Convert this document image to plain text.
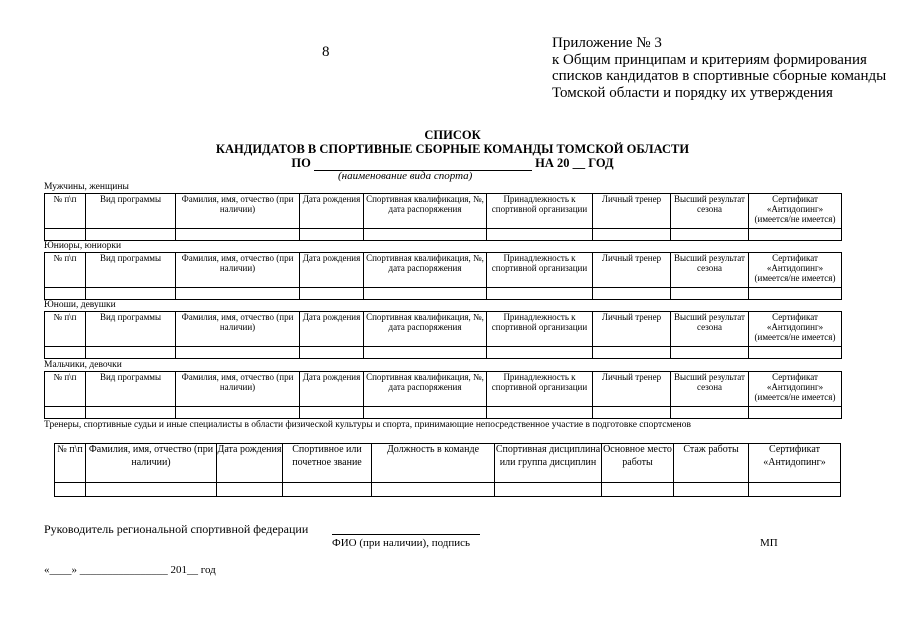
8
Приложение № 3
к Общим принципам и критериям формирования списков кандидатов в спортивные сборные команды Томской области и порядку их утверждения
СПИСОК
КАНДИДАТОВ В СПОРТИВНЫЕ СБОРНЫЕ КОМАНДЫ ТОМСКОЙ ОБЛАСТИ
ПО	НА 20 __ ГОД
(наименование вида спорта)
Мужчины, женщины
№ п\п	Вид программы	Фамилия, имя, отчество (при наличии)	Дата рождения	Спортивная квалификация, №, дата распоряжения	Принадлежность к спортивной организации	Личный тренер	Высший результат сезона	Сертификат «Антидопинг» (имеется/не имеется)

Юниоры, юниорки
№ п\п	Вид программы	Фамилия, имя, отчество (при наличии)	Дата рождения	Спортивная квалификация, №, дата распоряжения	Принадлежность к спортивной организации	Личный тренер	Высший результат сезона	Сертификат «Антидопинг» (имеется/не имеется)

Юноши, девушки
№ п\п	Вид программы	Фамилия, имя, отчество (при наличии)	Дата рождения	Спортивная квалификация, №, дата распоряжения	Принадлежность к спортивной организации	Личный тренер	Высший результат сезона	Сертификат «Антидопинг» (имеется/не имеется)

Мальчики, девочки
№ п\п	Вид программы	Фамилия, имя, отчество (при наличии)	Дата рождения	Спортивная квалификация, №, дата распоряжения	Принадлежность к спортивной организации	Личный тренер	Высший результат сезона	Сертификат «Антидопинг» (имеется/не имеется)

Тренеры, спортивные судьи и иные специалисты в области физической культуры и спорта, принимающие непосредственное участие в подготовке спортсменов
№ п\п	Фамилия, имя, отчество (при наличии)	Дата рождения	Спортивное или почетное звание	Должность в команде	Спортивная дисциплина или группа дисциплин	Основное место работы	Стаж работы	Сертификат «Антидопинг»

Руководитель региональной спортивной федерации
ФИО (при наличии), подпись	МП
«____» ________________ 201__ год
